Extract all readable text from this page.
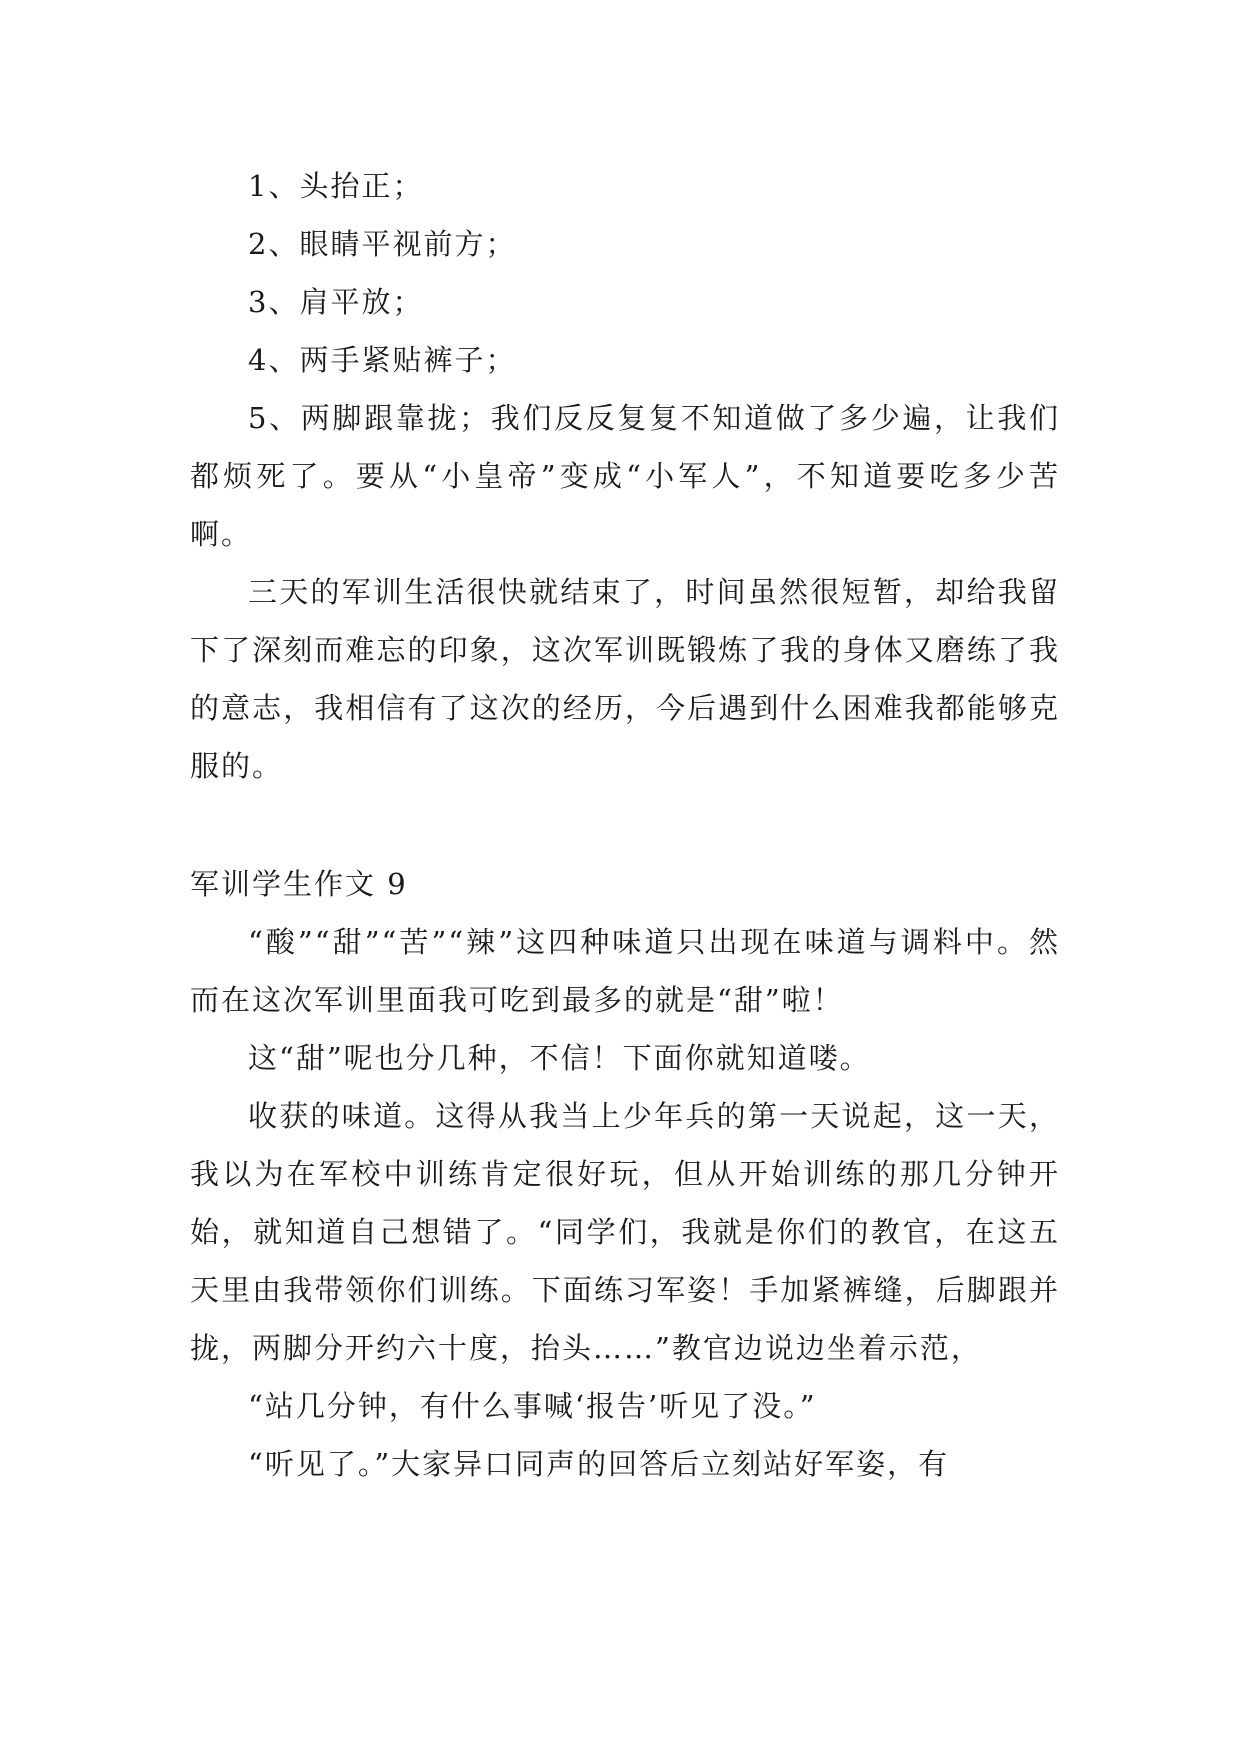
1、头抬正；

2、眼睛平视前方；

3、肩平放；

4、两手紧贴裤子；

5、两脚跟靠拢；我们反反复复不知道做了多少遍，让我们都烦死了。要从“小皇帝”变成“小军人”，不知道要吃多少苦啊。

三天的军训生活很快就结束了，时间虽然很短暂，却给我留下了深刻而难忘的印象，这次军训既锻炼了我的身体又磨练了我的意志，我相信有了这次的经历，今后遇到什么困难我都能够克服的。

军训学生作文 9

“酸”“甜”“苦”“辣”这四种味道只出现在味道与调料中。然而在这次军训里面我可吃到最多的就是“甜”啦！

这“甜”呢也分几种，不信！下面你就知道喽。

收获的味道。这得从我当上少年兵的第一天说起，这一天，我以为在军校中训练肯定很好玩，但从开始训练的那几分钟开始，就知道自己想错了。“同学们，我就是你们的教官，在这五天里由我带领你们训练。下面练习军姿！手加紧裤缝，后脚跟并拢，两脚分开约六十度，抬头……”教官边说边坐着示范，

“站几分钟，有什么事喊‘报告’听见了没。”

“听见了。”大家异口同声的回答后立刻站好军姿，有
